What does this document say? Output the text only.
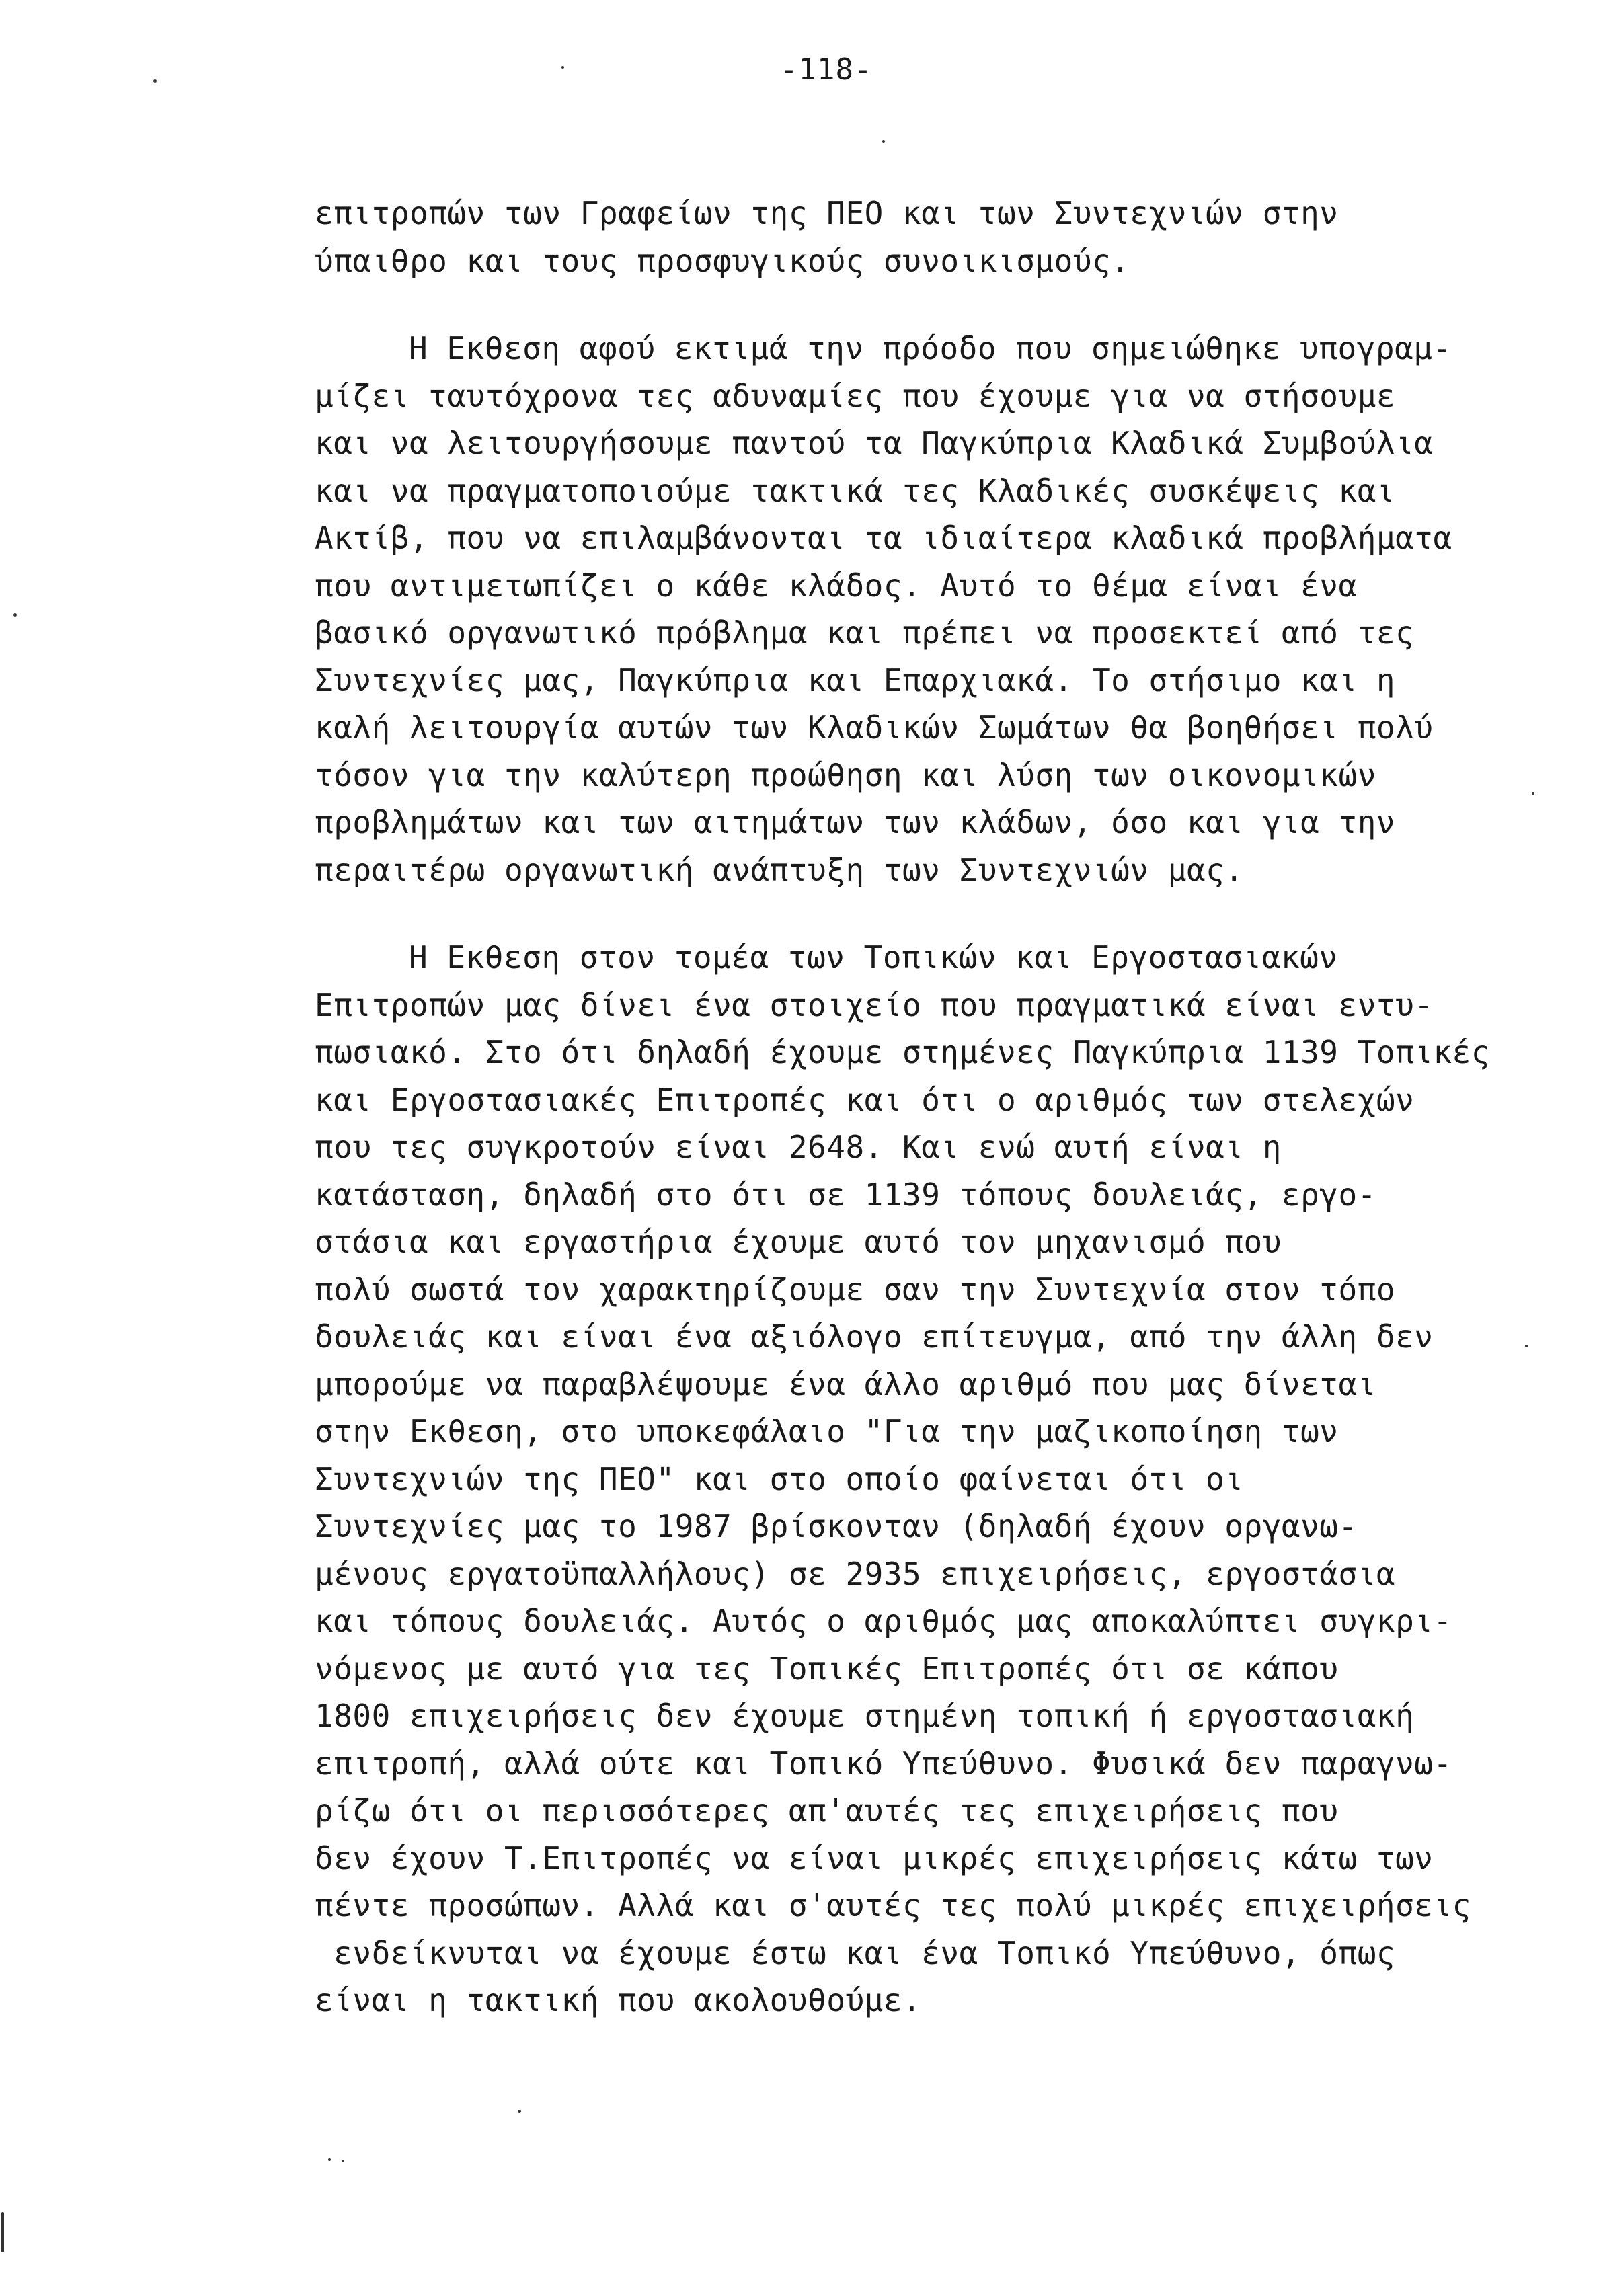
-118-
επιτροπών των Γραφείων της ΠΕΟ και των Συντεχνιών στην
ύπαιθρο και τους προσφυγικούς συνοικισμούς.
Η Εκθεση αφού εκτιμά την πρόοδο που σημειώθηκε υπογραμ-
μίζει ταυτόχρονα τες αδυναμίες που έχουμε για να στήσουμε
και να λειτουργήσουμε παντού τα Παγκύπρια Κλαδικά Συμβούλια
και να πραγματοποιούμε τακτικά τες Κλαδικές συσκέψεις και
Ακτίβ, που να επιλαμβάνονται τα ιδιαίτερα κλαδικά προβλήματα
που αντιμετωπίζει ο κάθε κλάδος. Αυτό το θέμα είναι ένα
βασικό οργανωτικό πρόβλημα και πρέπει να προσεκτεί από τες
Συντεχνίες μας, Παγκύπρια και Επαρχιακά. Το στήσιμο και η
καλή λειτουργία αυτών των Κλαδικών Σωμάτων θα βοηθήσει πολύ
τόσον για την καλύτερη προώθηση και λύση των οικονομικών
προβλημάτων και των αιτημάτων των κλάδων, όσο και για την
περαιτέρω οργανωτική ανάπτυξη των Συντεχνιών μας.
Η Εκθεση στον τομέα των Τοπικών και Εργοστασιακών
Επιτροπών μας δίνει ένα στοιχείο που πραγματικά είναι εντυ-
πωσιακό. Στο ότι δηλαδή έχουμε στημένες Παγκύπρια 1139 Τοπικές
και Εργοστασιακές Επιτροπές και ότι ο αριθμός των στελεχών
που τες συγκροτούν είναι 2648. Και ενώ αυτή είναι η
κατάσταση, δηλαδή στο ότι σε 1139 τόπους δουλειάς, εργο-
στάσια και εργαστήρια έχουμε αυτό τον μηχανισμό που
πολύ σωστά τον χαρακτηρίζουμε σαν την Συντεχνία στον τόπο
δουλειάς και είναι ένα αξιόλογο επίτευγμα, από την άλλη δεν
μπορούμε να παραβλέψουμε ένα άλλο αριθμό που μας δίνεται
στην Εκθεση, στο υποκεφάλαιο "Για την μαζικοποίηση των
Συντεχνιών της ΠΕΟ" και στο οποίο φαίνεται ότι οι
Συντεχνίες μας το 1987 βρίσκονταν (δηλαδή έχουν οργανω-
μένους εργατοϋπαλλήλους) σε 2935 επιχειρήσεις, εργοστάσια
και τόπους δουλειάς. Αυτός ο αριθμός μας αποκαλύπτει συγκρι-
νόμενος με αυτό για τες Τοπικές Επιτροπές ότι σε κάπου
1800 επιχειρήσεις δεν έχουμε στημένη τοπική ή εργοστασιακή
επιτροπή, αλλά ούτε και Τοπικό Υπεύθυνο. Φυσικά δεν παραγνω-
ρίζω ότι οι περισσότερες απ'αυτές τες επιχειρήσεις που
δεν έχουν Τ.Επιτροπές να είναι μικρές επιχειρήσεις κάτω των
πέντε προσώπων. Αλλά και σ'αυτές τες πολύ μικρές επιχειρήσεις
ενδείκνυται να έχουμε έστω και ένα Τοπικό Υπεύθυνο, όπως
είναι η τακτική που ακολουθούμε.
